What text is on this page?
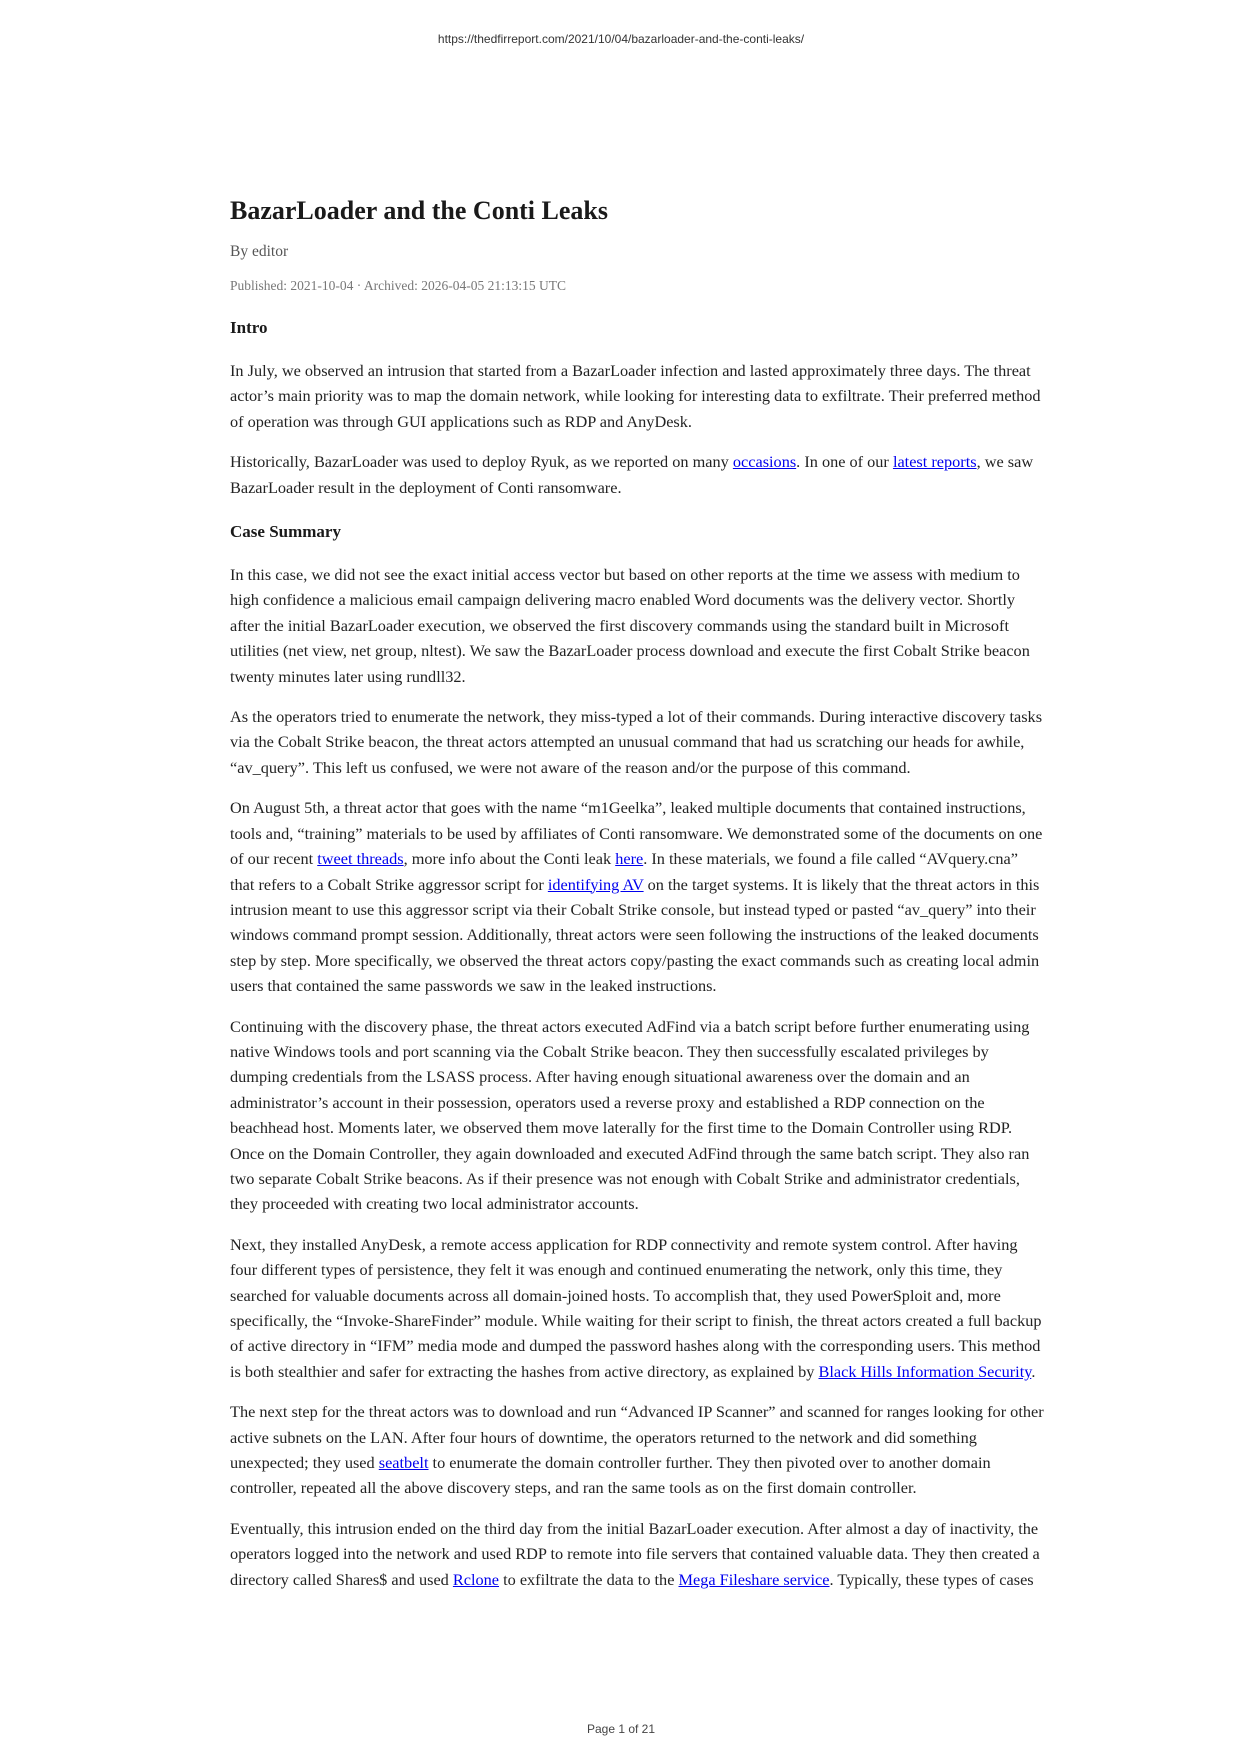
https://thedfirreport.com/2021/10/04/bazarloader-and-the-conti-leaks/
BazarLoader and the Conti Leaks
By editor
Published: 2021-10-04 · Archived: 2026-04-05 21:13:15 UTC
Intro
In July, we observed an intrusion that started from a BazarLoader infection and lasted approximately three days. The threat
actor’s main priority was to map the domain network, while looking for interesting data to exfiltrate. Their preferred method
of operation was through GUI applications such as RDP and AnyDesk.
Historically, BazarLoader was used to deploy Ryuk, as we reported on many occasions. In one of our latest reports, we saw
BazarLoader result in the deployment of Conti ransomware.
Case Summary
In this case, we did not see the exact initial access vector but based on other reports at the time we assess with medium to
high confidence a malicious email campaign delivering macro enabled Word documents was the delivery vector. Shortly
after the initial BazarLoader execution, we observed the first discovery commands using the standard built in Microsoft
utilities (net view, net group, nltest). We saw the BazarLoader process download and execute the first Cobalt Strike beacon
twenty minutes later using rundll32.
As the operators tried to enumerate the network, they miss-typed a lot of their commands. During interactive discovery tasks
via the Cobalt Strike beacon, the threat actors attempted an unusual command that had us scratching our heads for awhile,
“av_query”. This left us confused, we were not aware of the reason and/or the purpose of this command.
On August 5th, a threat actor that goes with the name “m1Geelka”, leaked multiple documents that contained instructions,
tools and, “training” materials to be used by affiliates of Conti ransomware. We demonstrated some of the documents on one
of our recent tweet threads, more info about the Conti leak here. In these materials, we found a file called “AVquery.cna”
that refers to a Cobalt Strike aggressor script for identifying AV on the target systems. It is likely that the threat actors in this
intrusion meant to use this aggressor script via their Cobalt Strike console, but instead typed or pasted “av_query” into their
windows command prompt session. Additionally, threat actors were seen following the instructions of the leaked documents
step by step. More specifically, we observed the threat actors copy/pasting the exact commands such as creating local admin
users that contained the same passwords we saw in the leaked instructions.
Continuing with the discovery phase, the threat actors executed AdFind via a batch script before further enumerating using
native Windows tools and port scanning via the Cobalt Strike beacon. They then successfully escalated privileges by
dumping credentials from the LSASS process. After having enough situational awareness over the domain and an
administrator’s account in their possession, operators used a reverse proxy and established a RDP connection on the
beachhead host. Moments later, we observed them move laterally for the first time to the Domain Controller using RDP.
Once on the Domain Controller, they again downloaded and executed AdFind through the same batch script. They also ran
two separate Cobalt Strike beacons. As if their presence was not enough with Cobalt Strike and administrator credentials,
they proceeded with creating two local administrator accounts.
Next, they installed AnyDesk, a remote access application for RDP connectivity and remote system control. After having
four different types of persistence, they felt it was enough and continued enumerating the network, only this time, they
searched for valuable documents across all domain-joined hosts. To accomplish that, they used PowerSploit and, more
specifically, the “Invoke-ShareFinder” module. While waiting for their script to finish, the threat actors created a full backup
of active directory in “IFM” media mode and dumped the password hashes along with the corresponding users. This method
is both stealthier and safer for extracting the hashes from active directory, as explained by Black Hills Information Security.
The next step for the threat actors was to download and run “Advanced IP Scanner” and scanned for ranges looking for other
active subnets on the LAN. After four hours of downtime, the operators returned to the network and did something
unexpected; they used seatbelt to enumerate the domain controller further. They then pivoted over to another domain
controller, repeated all the above discovery steps, and ran the same tools as on the first domain controller.
Eventually, this intrusion ended on the third day from the initial BazarLoader execution. After almost a day of inactivity, the
operators logged into the network and used RDP to remote into file servers that contained valuable data. They then created a
directory called Shares$ and used Rclone to exfiltrate the data to the Mega Fileshare service. Typically, these types of cases
Page 1 of 21
